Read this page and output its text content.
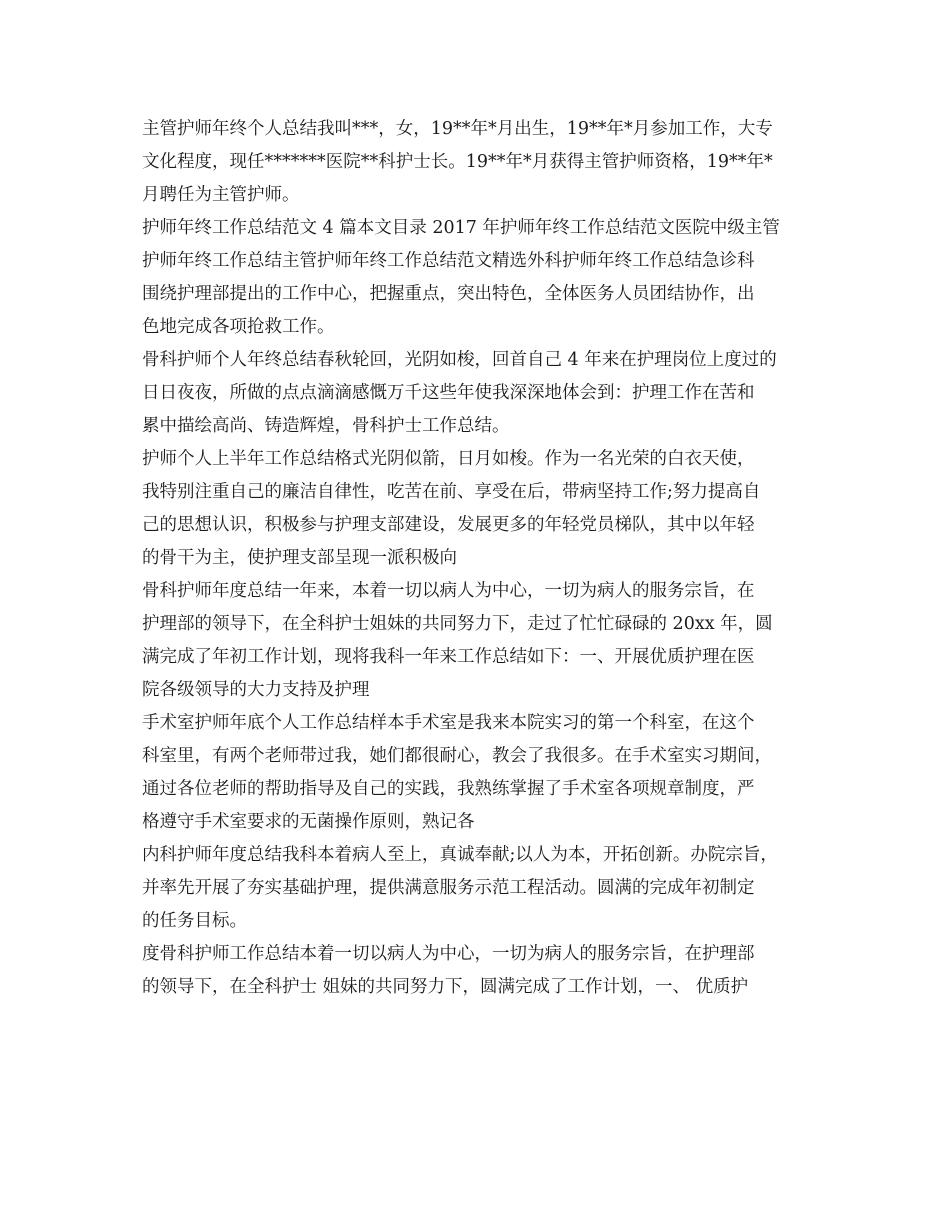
主管护师年终个人总结我叫***，女，19**年*月出生，19**年*月参加工作，大专
文化程度，现任*******医院**科护士长。19**年*月获得主管护师资格，19**年*
月聘任为主管护师。
护师年终工作总结范文 4 篇本文目录 2017 年护师年终工作总结范文医院中级主管
护师年终工作总结主管护师年终工作总结范文精选外科护师年终工作总结急诊科
围绕护理部提出的工作中心，把握重点，突出特色，全体医务人员团结协作，出
色地完成各项抢救工作。
骨科护师个人年终总结春秋轮回，光阴如梭，回首自己 4 年来在护理岗位上度过的
日日夜夜，所做的点点滴滴感慨万千这些年使我深深地体会到：护理工作在苦和
累中描绘高尚、铸造辉煌，骨科护士工作总结。
护师个人上半年工作总结格式光阴似箭，日月如梭。作为一名光荣的白衣天使，
我特别注重自己的廉洁自律性，吃苦在前、享受在后，带病坚持工作;努力提高自
己的思想认识，积极参与护理支部建设，发展更多的年轻党员梯队，其中以年轻
的骨干为主，使护理支部呈现一派积极向
骨科护师年度总结一年来，本着一切以病人为中心，一切为病人的服务宗旨，在
护理部的领导下，在全科护士姐妹的共同努力下，走过了忙忙碌碌的 20xx 年，圆
满完成了年初工作计划，现将我科一年来工作总结如下：一、开展优质护理在医
院各级领导的大力支持及护理
手术室护师年底个人工作总结样本手术室是我来本院实习的第一个科室，在这个
科室里，有两个老师带过我，她们都很耐心，教会了我很多。在手术室实习期间，
通过各位老师的帮助指导及自己的实践，我熟练掌握了手术室各项规章制度，严
格遵守手术室要求的无菌操作原则，熟记各
内科护师年度总结我科本着病人至上，真诚奉献;以人为本，开拓创新。办院宗旨，
并率先开展了夯实基础护理，提供满意服务示范工程活动。圆满的完成年初制定
的任务目标。
度骨科护师工作总结本着一切以病人为中心，一切为病人的服务宗旨，在护理部
的领导下，在全科护士 姐妹的共同努力下，圆满完成了工作计划，一、 优质护
